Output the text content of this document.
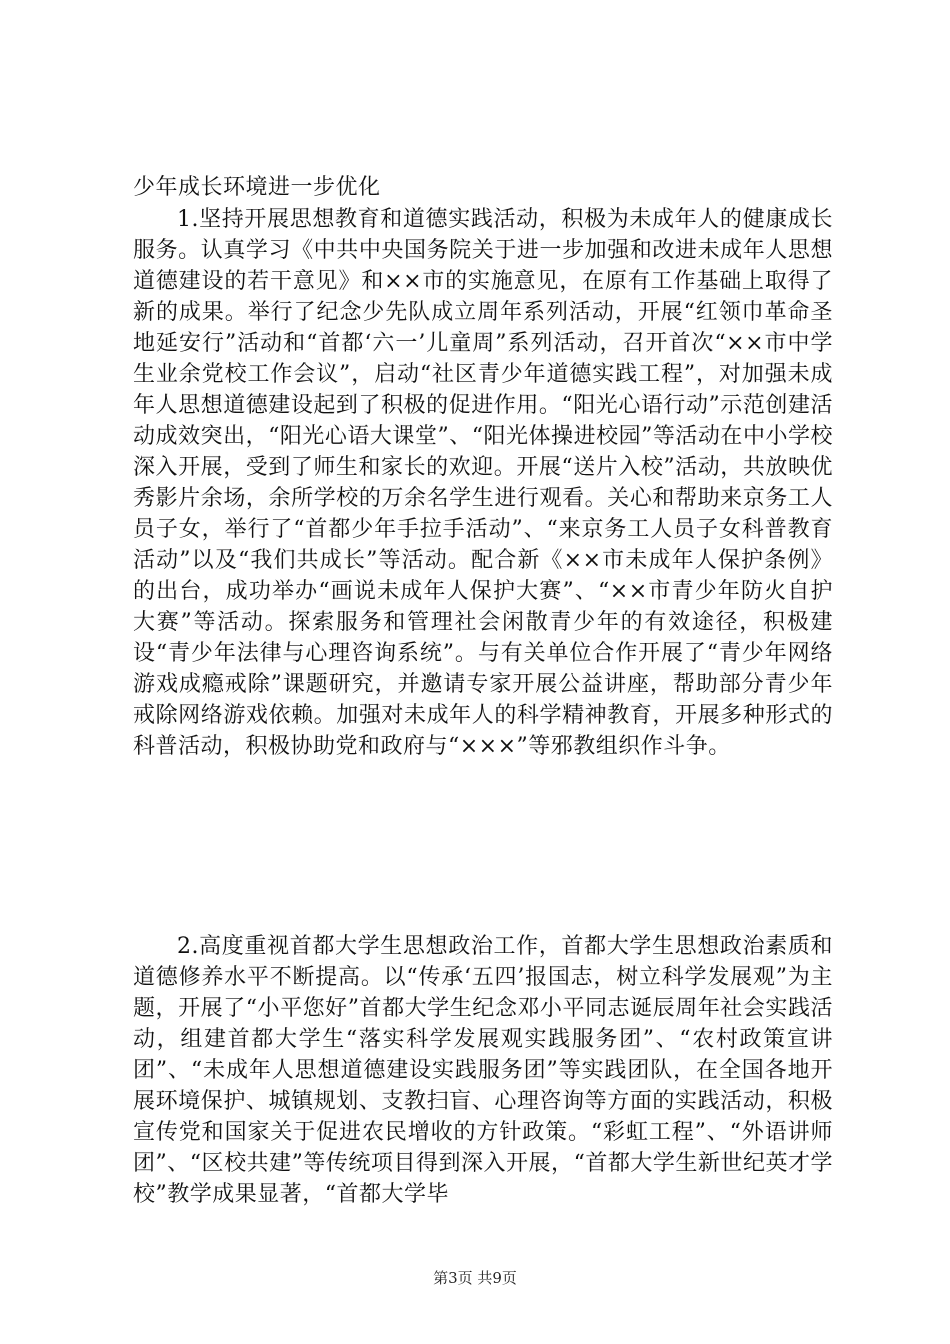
少年成长环境进一步优化

1.坚持开展思想教育和道德实践活动，积极为未成年人的健康成长服务。认真学习《中共中央国务院关于进一步加强和改进未成年人思想道德建设的若干意见》和××市的实施意见，在原有工作基础上取得了新的成果。举行了纪念少先队成立周年系列活动，开展“红领巾革命圣地延安行”活动和“首都‘六一’儿童周”系列活动，召开首次“××市中学生业余党校工作会议”，启动“社区青少年道德实践工程”，对加强未成年人思想道德建设起到了积极的促进作用。“阳光心语行动”示范创建活动成效突出，“阳光心语大课堂”、“阳光体操进校园”等活动在中小学校深入开展，受到了师生和家长的欢迎。开展“送片入校”活动，共放映优秀影片余场，余所学校的万余名学生进行观看。关心和帮助来京务工人员子女，举行了“首都少年手拉手活动”、“来京务工人员子女科普教育活动”以及“我们共成长”等活动。配合新《××市未成年人保护条例》的出台，成功举办“画说未成年人保护大赛”、“××市青少年防火自护大赛”等活动。探索服务和管理社会闲散青少年的有效途径，积极建设“青少年法律与心理咨询系统”。与有关单位合作开展了“青少年网络游戏成瘾戒除”课题研究，并邀请专家开展公益讲座，帮助部分青少年戒除网络游戏依赖。加强对未成年人的科学精神教育，开展多种形式的科普活动，积极协助党和政府与“×××”等邪教组织作斗争。

2.高度重视首都大学生思想政治工作，首都大学生思想政治素质和道德修养水平不断提高。以“传承‘五四’报国志，树立科学发展观”为主题，开展了“小平您好”首都大学生纪念邓小平同志诞辰周年社会实践活动，组建首都大学生“落实科学发展观实践服务团”、“农村政策宣讲团”、“未成年人思想道德建设实践服务团”等实践团队，在全国各地开展环境保护、城镇规划、支教扫盲、心理咨询等方面的实践活动，积极宣传党和国家关于促进农民增收的方针政策。“彩虹工程”、“外语讲师团”、“区校共建”等传统项目得到深入开展，“首都大学生新世纪英才学校”教学成果显著，“首都大学毕

第3页 共9页
